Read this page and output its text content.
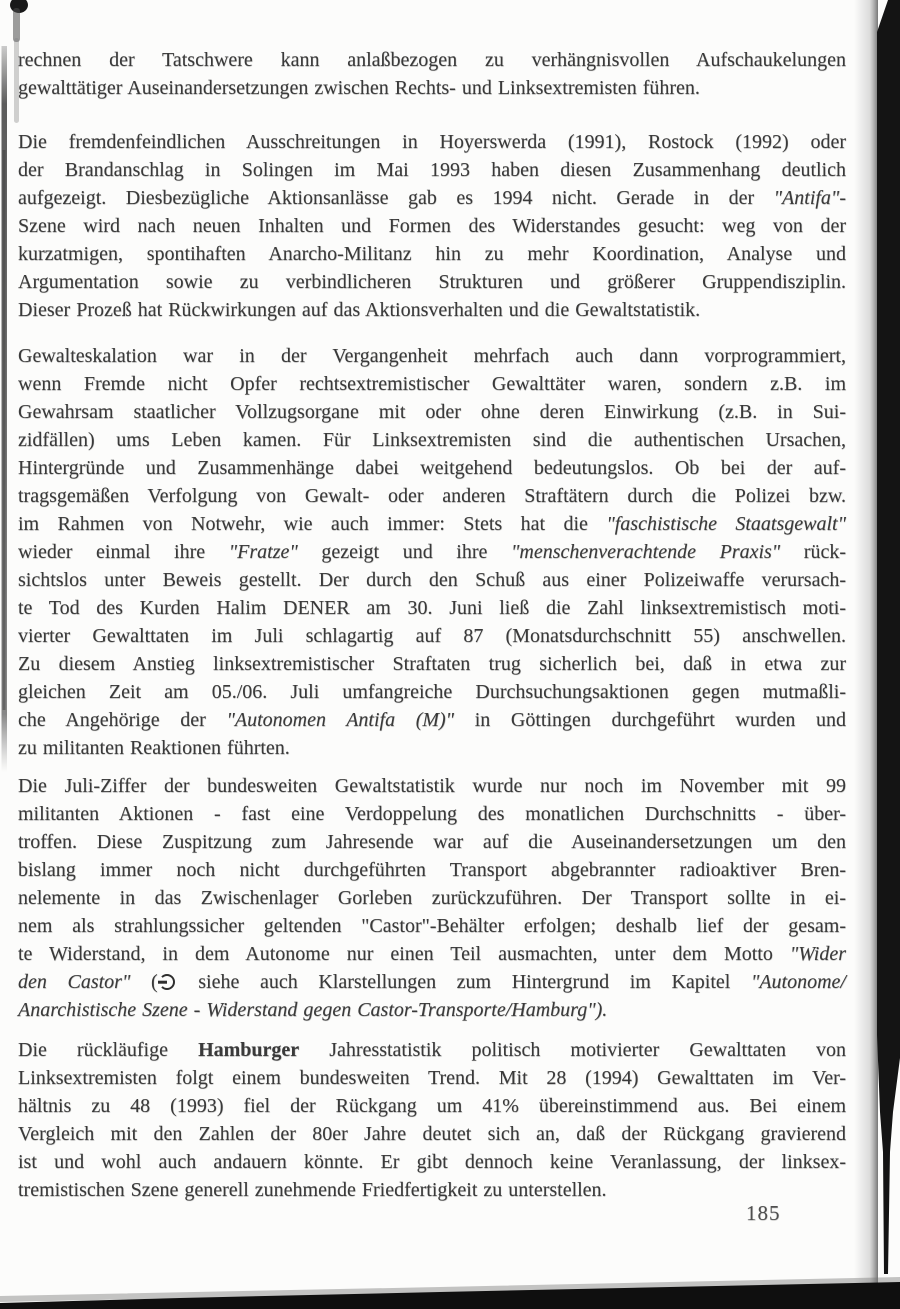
rechnen der Tatschwere kann anlaßbezogen zu verhängnisvollen Aufschaukelungen
gewalttätiger Auseinandersetzungen zwischen Rechts- und Linksextremisten führen.
Die fremdenfeindlichen Ausschreitungen in Hoyerswerda (1991), Rostock (1992) oder
der Brandanschlag in Solingen im Mai 1993 haben diesen Zusammenhang deutlich
aufgezeigt. Diesbezügliche Aktionsanlässe gab es 1994 nicht. Gerade in der "Antifa"-
Szene wird nach neuen Inhalten und Formen des Widerstandes gesucht: weg von der
kurzatmigen, spontihaften Anarcho-Militanz hin zu mehr Koordination, Analyse und
Argumentation sowie zu verbindlicheren Strukturen und größerer Gruppendisziplin.
Dieser Prozeß hat Rückwirkungen auf das Aktionsverhalten und die Gewaltstatistik.
Gewalteskalation war in der Vergangenheit mehrfach auch dann vorprogrammiert,
wenn Fremde nicht Opfer rechtsextremistischer Gewalttäter waren, sondern z.B. im
Gewahrsam staatlicher Vollzugsorgane mit oder ohne deren Einwirkung (z.B. in Sui-
zidfällen) ums Leben kamen. Für Linksextremisten sind die authentischen Ursachen,
Hintergründe und Zusammenhänge dabei weitgehend bedeutungslos. Ob bei der auf-
tragsgemäßen Verfolgung von Gewalt- oder anderen Straftätern durch die Polizei bzw.
im Rahmen von Notwehr, wie auch immer: Stets hat die "faschistische Staatsgewalt"
wieder einmal ihre "Fratze" gezeigt und ihre "menschenverachtende Praxis" rück-
sichtslos unter Beweis gestellt. Der durch den Schuß aus einer Polizeiwaffe verursach-
te Tod des Kurden Halim DENER am 30. Juni ließ die Zahl linksextremistisch moti-
vierter Gewalttaten im Juli schlagartig auf 87 (Monatsdurchschnitt 55) anschwellen.
Zu diesem Anstieg linksextremistischer Straftaten trug sicherlich bei, daß in etwa zur
gleichen Zeit am 05./06. Juli umfangreiche Durchsuchungsaktionen gegen mutmaßli-
che Angehörige der "Autonomen Antifa (M)" in Göttingen durchgeführt wurden und
zu militanten Reaktionen führten.
Die Juli-Ziffer der bundesweiten Gewaltstatistik wurde nur noch im November mit 99
militanten Aktionen - fast eine Verdoppelung des monatlichen Durchschnitts - über-
troffen. Diese Zuspitzung zum Jahresende war auf die Auseinandersetzungen um den
bislang immer noch nicht durchgeführten Transport abgebrannter radioaktiver Bren-
nelemente in das Zwischenlager Gorleben zurückzuführen. Der Transport sollte in ei-
nem als strahlungssicher geltenden "Castor"-Behälter erfolgen; deshalb lief der gesam-
te Widerstand, in dem Autonome nur einen Teil ausmachten, unter dem Motto "Wider
den Castor" ( siehe auch Klarstellungen zum Hintergrund im Kapitel "Autonome/
Anarchistische Szene - Widerstand gegen Castor-Transporte/Hamburg").
Die rückläufige Hamburger Jahresstatistik politisch motivierter Gewalttaten von
Linksextremisten folgt einem bundesweiten Trend. Mit 28 (1994) Gewalttaten im Ver-
hältnis zu 48 (1993) fiel der Rückgang um 41% übereinstimmend aus. Bei einem
Vergleich mit den Zahlen der 80er Jahre deutet sich an, daß der Rückgang gravierend
ist und wohl auch andauern könnte. Er gibt dennoch keine Veranlassung, der linksex-
tremistischen Szene generell zunehmende Friedfertigkeit zu unterstellen.
185
